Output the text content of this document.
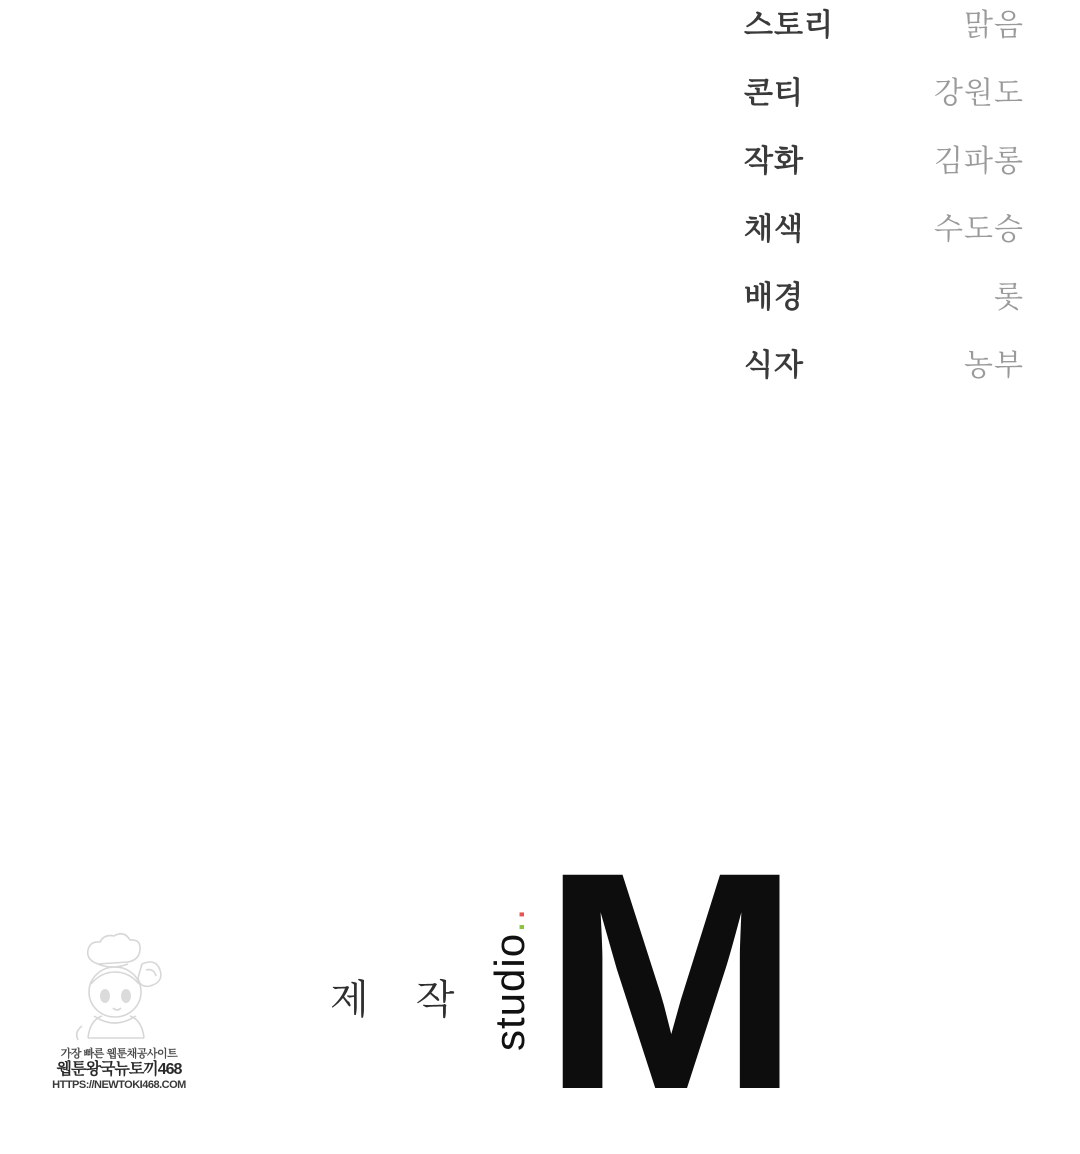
스토리	맑음
콘티	강원도
작화	김파롱
채색	수도승
배경	롯
식자	농부
제 작 studio.. M
가장 빠른 웹툰채공사이트
웹툰왕국뉴토끼468
HTTPS://NEWTOKI468.COM
